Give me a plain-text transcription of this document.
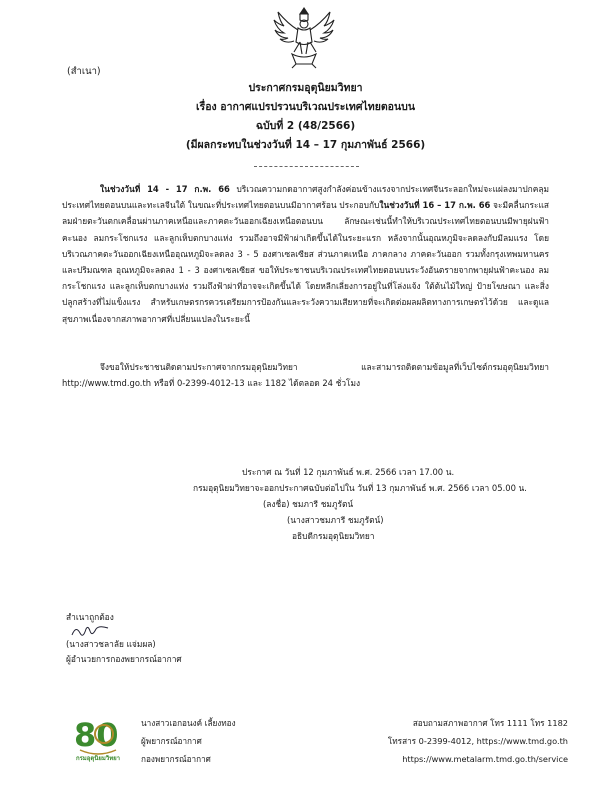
(สำเนา)
ประกาศกรมอุตุนิยมวิทยา
เรื่อง อากาศแปรปรวนบริเวณประเทศไทยตอนบน
ฉบับที่ 2 (48/2566)
(มีผลกระทบในช่วงวันที่ 14 – 17 กุมภาพันธ์ 2566)
ในช่วงวันที่ 14 - 17 ก.พ. 66 บริเวณความกดอากาศสูงกำลังค่อนข้างแรงจากประเทศจีนระลอกใหม่จะแผ่ลงมาปกคลุมประเทศไทยตอนบนและทะเลจีนใต้ ในขณะที่ประเทศไทยตอนบนมีอากาศร้อน ประกอบกับในช่วงวันที่ 16 – 17 ก.พ. 66 จะมีคลื่นกระแสลมฝ่ายตะวันตกเคลื่อนผ่านภาคเหนือและภาคตะวันออกเฉียงเหนือตอนบน ลักษณะเช่นนี้ทำให้บริเวณประเทศไทยตอนบนมีพายุฝนฟ้าคะนอง ลมกระโชกแรง และลูกเห็บตกบางแห่ง รวมถึงอาจมีฟ้าผ่าเกิดขึ้นได้ในระยะแรก หลังจากนั้นอุณหภูมิจะลดลงกับมีลมแรง โดยบริเวณภาคตะวันออกเฉียงเหนืออุณหภูมิจะลดลง 3 - 5 องศาเซลเซียส ส่วนภาคเหนือ ภาคกลาง ภาคตะวันออก รวมทั้งกรุงเทพมหานครและปริมณฑล อุณหภูมิจะลดลง 1 - 3 องศาเซลเซียส ขอให้ประชาชนบริเวณประเทศไทยตอนบนระวังอันตรายจากพายุฝนฟ้าคะนอง ลมกระโชกแรง และลูกเห็บตกบางแห่ง รวมถึงฟ้าผ่าที่อาจจะเกิดขึ้นได้ โดยหลีกเลี่ยงการอยู่ในที่โล่งแจ้ง ใต้ต้นไม้ใหญ่ ป้ายโฆษณา และสิ่งปลูกสร้างที่ไม่แข็งแรง สำหรับเกษตรกรควรเตรียมการป้องกันและระวังความเสียหายที่จะเกิดต่อผลผลิตทางการเกษตรไว้ด้วย และดูแลสุขภาพเนื่องจากสภาพอากาศที่เปลี่ยนแปลงในระยะนี้
จึงขอให้ประชาชนติดตามประกาศจากกรมอุตุนิยมวิทยา และสามารถติดตามข้อมูลที่เว็บไซต์กรมอุตุนิยมวิทยา http://www.tmd.go.th หรือที่ 0-2399-4012-13 และ 1182 ได้ตลอด 24 ชั่วโมง
ประกาศ ณ วันที่ 12 กุมภาพันธ์ พ.ศ. 2566 เวลา 17.00 น.
กรมอุตุนิยมวิทยาจะออกประกาศฉบับต่อไปใน วันที่ 13 กุมภาพันธ์ พ.ศ. 2566 เวลา 05.00 น.
(ลงชื่อ) ชมภารี ชมภูรัตน์
(นางสาวชมภารี ชมภูรัตน์)
อธิบดีกรมอุตุนิยมวิทยา
สำเนาถูกต้อง
(นางสาวชลาลัย แจ่มผล)
ผู้อำนวยการกองพยากรณ์อากาศ
80
กรมอุตุนิยมวิทยา
นางสาวเอกอนงค์ เลี้ยงทอง
ผู้พยากรณ์อากาศ
กองพยากรณ์อากาศ
สอบถามสภาพอากาศ โทร 1111 โทร 1182
โทรสาร 0-2399-4012, https://www.tmd.go.th
https://www.metalarm.tmd.go.th/service
